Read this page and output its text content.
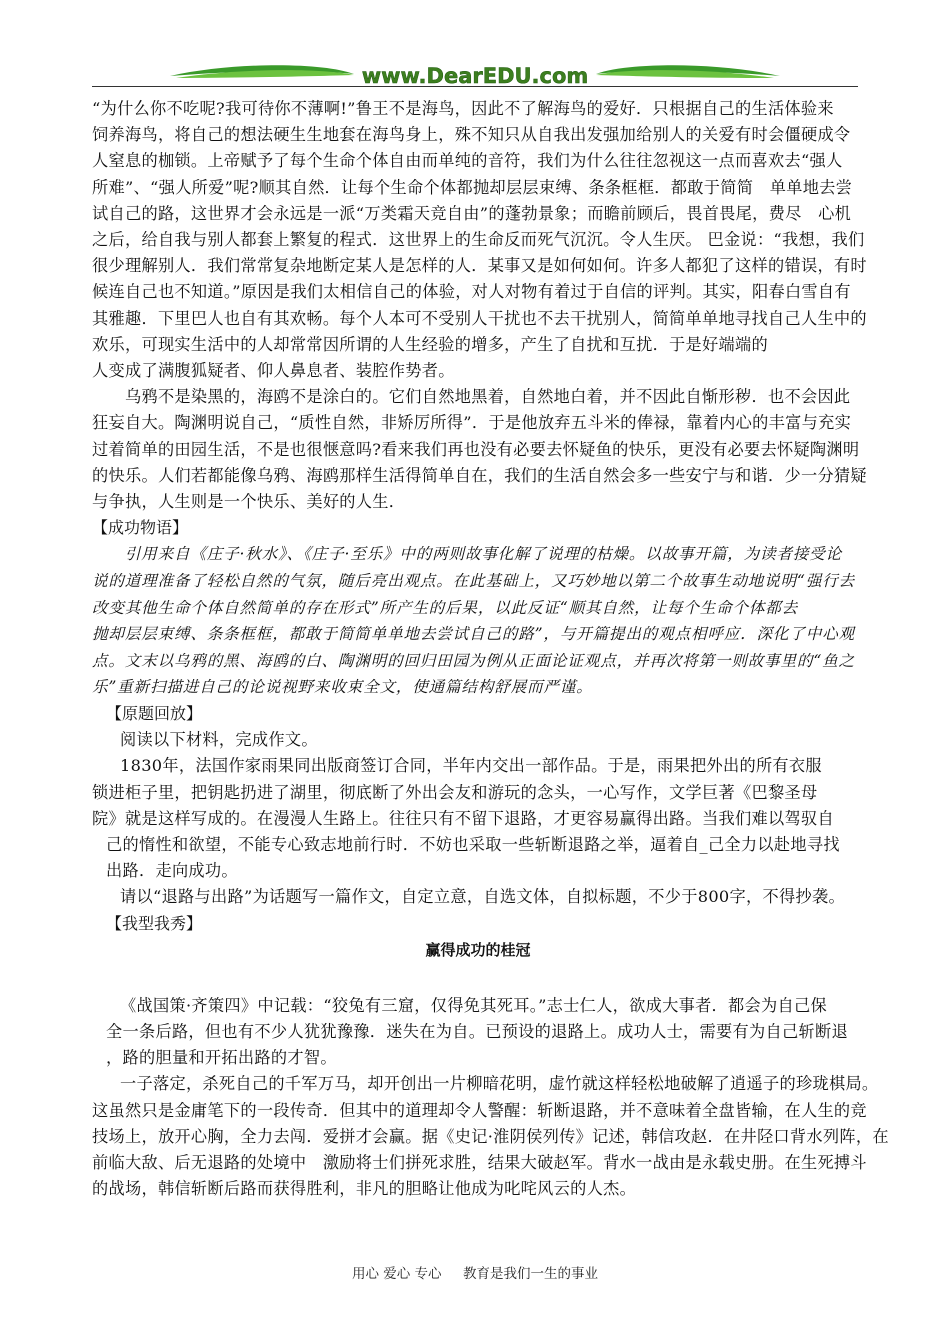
www.DearEDU.com

“为什么你不吃呢?我可待你不薄啊!”鲁王不是海鸟，因此不了解海鸟的爱好．只根据自己的生活体验来

饲养海鸟，将自己的想法硬生生地套在海鸟身上，殊不知只从自我出发强加给别人的关爱有时会僵硬成令

人窒息的枷锁。上帝赋予了每个生命个体自由而单纯的音符，我们为什么往往忽视这一点而喜欢去“强人

所难”、“强人所爱”呢?顺其自然．让每个生命个体都抛却层层束缚、条条框框．都敢于简简　单单地去尝

试自己的路，这世界才会永远是一派“万类霜天竞自由”的蓬勃景象；而瞻前顾后，畏首畏尾，费尽　心机

之后，给自我与别人都套上繁复的程式．这世界上的生命反而死气沉沉。令人生厌。 巴金说：“我想，我们

很少理解别人．我们常常复杂地断定某人是怎样的人．某事又是如何如何。许多人都犯了这样的错误，有时

候连自己也不知道。”原因是我们太相信自己的体验，对人对物有着过于自信的评判。其实，阳春白雪自有

其雅趣．下里巴人也自有其欢畅。每个人本可不受别人干扰也不去干扰别人，简简单单地寻找自己人生中的

欢乐，可现实生活中的人却常常因所谓的人生经验的增多，产生了自扰和互扰．于是好端端的

人变成了满腹狐疑者、仰人鼻息者、装腔作势者。

　　乌鸦不是染黑的，海鸥不是涂白的。它们自然地黑着，自然地白着，并不因此自惭形秽．也不会因此

狂妄自大。陶渊明说自己，“质性自然，非矫厉所得”．于是他放弃五斗米的俸禄，靠着内心的丰富与充实

过着简单的田园生活，不是也很惬意吗?看来我们再也没有必要去怀疑鱼的快乐，更没有必要去怀疑陶渊明

的快乐。人们若都能像乌鸦、海鸥那样生活得简单自在，我们的生活自然会多一些安宁与和谐．少一分猜疑

与争执，人生则是一个快乐、美好的人生．

【成功物语】

　　引用来自《庄子·秋水》、《庄子·至乐》中的两则故事化解了说理的枯燥。以故事开篇，为读者接受论

说的道理准备了轻松自然的气氛，随后亮出观点。在此基础上，又巧妙地以第二个故事生动地说明“强行去

改变其他生命个体自然简单的存在形式”所产生的后果，以此反证“顺其自然，让每个生命个体都去

抛却层层束缚、条条框框，都敢于简简单单地去尝试自己的路”，与开篇提出的观点相呼应．深化了中心观

点。文末以乌鸦的黑、海鸥的白、陶渊明的回归田园为例从正面论证观点，并再次将第一则故事里的“鱼之

乐”重新扫描进自己的论说视野来收束全文，使通篇结构舒展而严谨。

【原题回放】

阅读以下材料，完成作文。

1830年，法国作家雨果同出版商签订合同，半年内交出一部作品。于是，雨果把外出的所有衣服

锁进柜子里，把钥匙扔进了湖里，彻底断了外出会友和游玩的念头，一心写作，文学巨著《巴黎圣母

院》就是这样写成的。在漫漫人生路上。往往只有不留下退路，才更容易赢得出路。当我们难以驾驭自

己的惰性和欲望，不能专心致志地前行时．不妨也采取一些斩断退路之举，逼着自_己全力以赴地寻找

出路．走向成功。

请以“退路与出路”为话题写一篇作文，自定立意，自选文体，自拟标题，不少于800字，不得抄袭。

【我型我秀】

赢得成功的桂冠

《战国策·齐策四》中记载：“狡兔有三窟，仅得免其死耳。”志士仁人，欲成大事者．都会为自己保

全一条后路，但也有不少人犹犹豫豫．迷失在为自。已预设的退路上。成功人士，需要有为自己斩断退

，路的胆量和开拓出路的才智。

一子落定，杀死自己的千军万马，却开创出一片柳暗花明，虚竹就这样轻松地破解了逍遥子的珍珑棋局。

这虽然只是金庸笔下的一段传奇．但其中的道理却令人警醒：斩断退路，并不意味着全盘皆输，在人生的竞

技场上，放开心胸，全力去闯．爱拼才会赢。据《史记·淮阴侯列传》记述，韩信攻赵．在井陉口背水列阵，在

前临大敌、后无退路的处境中　激励将士们拼死求胜，结果大破赵军。背水一战由是永载史册。在生死搏斗

的战场，韩信斩断后路而获得胜利，非凡的胆略让他成为叱咤风云的人杰。

用心 爱心 专心     教育是我们一生的事业
